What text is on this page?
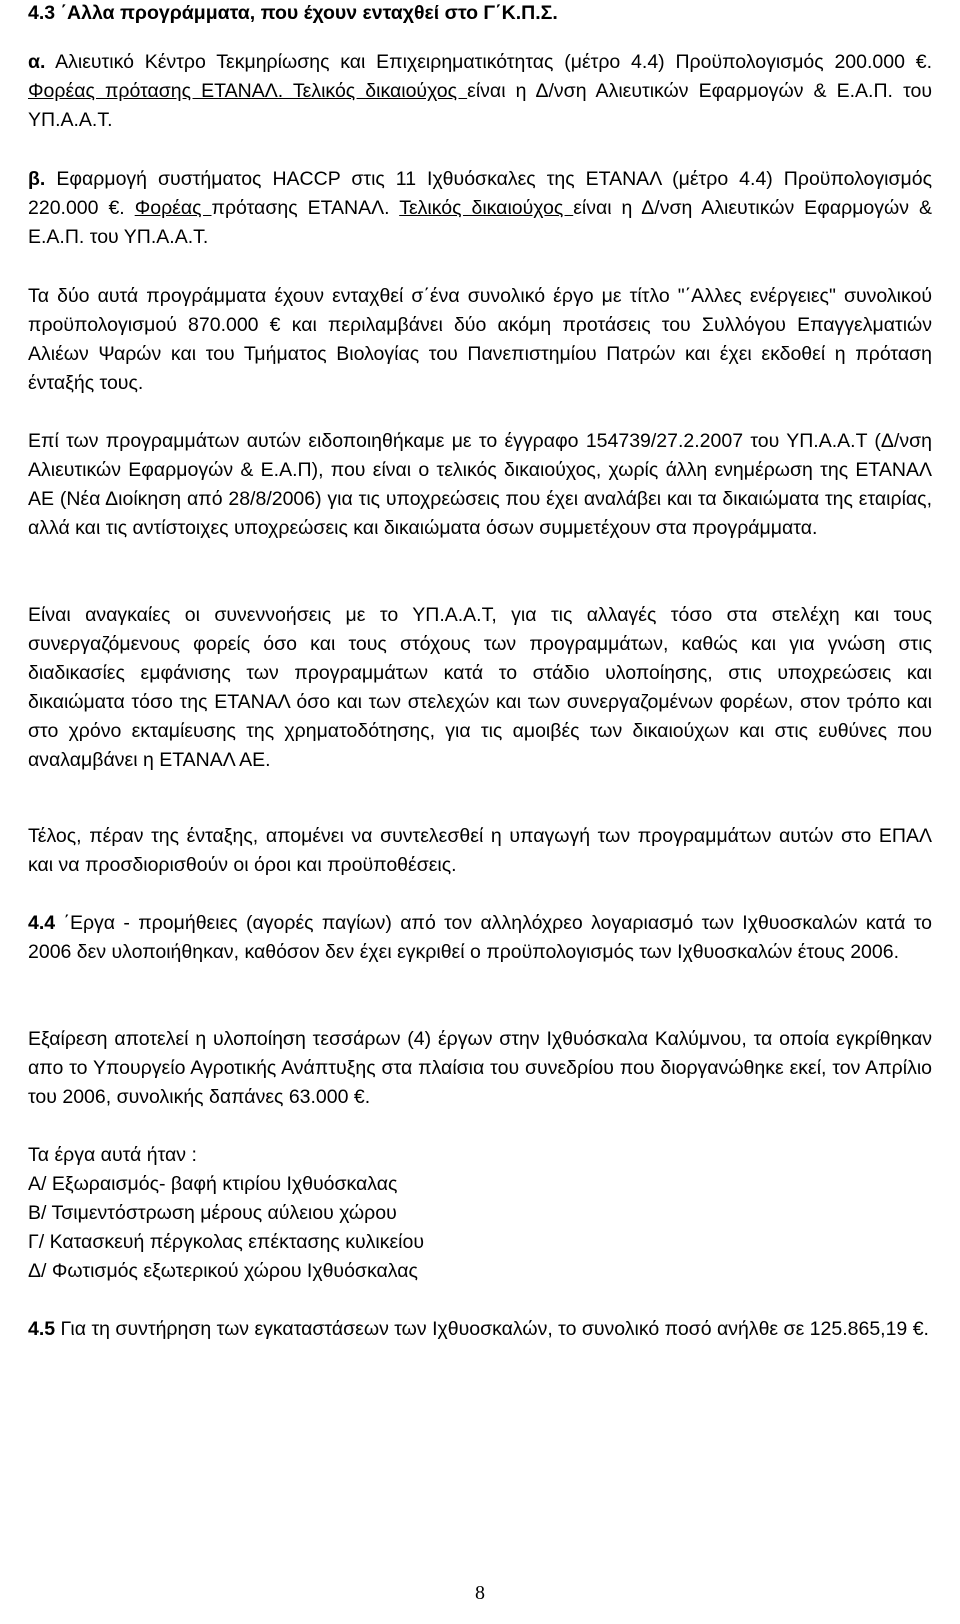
4.3 ΄Αλλα προγράμματα, που έχουν ενταχθεί στο Γ΄Κ.Π.Σ.
α. Αλιευτικό Κέντρο Τεκμηρίωσης και Επιχειρηματικότητας (μέτρο 4.4) Προϋπολογισμός 200.000 €. Φορέας πρότασης ΕΤΑΝΑΛ. Τελικός δικαιούχος είναι η Δ/νση Αλιευτικών Εφαρμογών & Ε.Α.Π. του ΥΠ.Α.Α.Τ.
β. Εφαρμογή συστήματος HACCP στις 11 Ιχθυόσκαλες της ΕΤΑΝΑΛ (μέτρο 4.4) Προϋπολογισμός 220.000 €. Φορέας πρότασης ΕΤΑΝΑΛ. Τελικός δικαιούχος είναι η Δ/νση Αλιευτικών Εφαρμογών & Ε.Α.Π. του ΥΠ.Α.Α.Τ.
Τα δύο αυτά προγράμματα έχουν ενταχθεί σ΄ένα συνολικό έργο με τίτλο "΄Αλλες ενέργειες" συνολικού προϋπολογισμού 870.000 € και περιλαμβάνει δύο ακόμη προτάσεις του Συλλόγου Επαγγελματιών Αλιέων Ψαρών και του Τμήματος Βιολογίας του Πανεπιστημίου Πατρών και έχει εκδοθεί η πρόταση ένταξής τους.
Επί των προγραμμάτων αυτών ειδοποιηθήκαμε με το έγγραφο 154739/27.2.2007 του ΥΠ.Α.Α.Τ (Δ/νση Αλιευτικών Εφαρμογών & Ε.Α.Π), που είναι ο τελικός δικαιούχος, χωρίς άλλη ενημέρωση της ΕΤΑΝΑΛ ΑΕ (Νέα Διοίκηση από 28/8/2006) για τις υποχρεώσεις που έχει αναλάβει και τα δικαιώματα της εταιρίας, αλλά και τις αντίστοιχες υποχρεώσεις και δικαιώματα όσων συμμετέχουν στα προγράμματα.
Είναι αναγκαίες οι συνεννοήσεις με το ΥΠ.Α.Α.Τ, για τις αλλαγές τόσο στα στελέχη και τους συνεργαζόμενους φορείς όσο και τους στόχους των προγραμμάτων, καθώς και για γνώση στις διαδικασίες εμφάνισης των προγραμμάτων κατά το στάδιο υλοποίησης, στις υποχρεώσεις και δικαιώματα τόσο της ΕΤΑΝΑΛ όσο και των στελεχών και των συνεργαζομένων φορέων, στον τρόπο και στο χρόνο εκταμίευσης της χρηματοδότησης, για τις αμοιβές των δικαιούχων και στις ευθύνες που αναλαμβάνει η ΕΤΑΝΑΛ ΑΕ.
Τέλος, πέραν της ένταξης, απομένει να συντελεσθεί η υπαγωγή των προγραμμάτων αυτών στο ΕΠΑΛ και να προσδιορισθούν οι όροι και προϋποθέσεις.
4.4 ΄Εργα - προμήθειες (αγορές παγίων) από τον αλληλόχρεο λογαριασμό των Ιχθυοσκαλών κατά το 2006 δεν υλοποιήθηκαν, καθόσον δεν έχει εγκριθεί ο προϋπολογισμός των Ιχθυοσκαλών έτους 2006.
Εξαίρεση αποτελεί η υλοποίηση τεσσάρων (4) έργων στην Ιχθυόσκαλα Καλύμνου, τα οποία εγκρίθηκαν απο το Υπουργείο Αγροτικής Ανάπτυξης στα πλαίσια του συνεδρίου που διοργανώθηκε εκεί, τον Απρίλιο του 2006, συνολικής δαπάνες 63.000 €.
Τα έργα αυτά ήταν :
Α/ Εξωραισμός- βαφή κτιρίου Ιχθυόσκαλας
Β/ Τσιμεντόστρωση μέρους αύλειου χώρου
Γ/ Κατασκευή πέργκολας επέκτασης κυλικείου
Δ/ Φωτισμός εξωτερικού χώρου Ιχθυόσκαλας
4.5 Για τη συντήρηση των εγκαταστάσεων των Ιχθυοσκαλών, το συνολικό ποσό ανήλθε σε 125.865,19 €.
8
